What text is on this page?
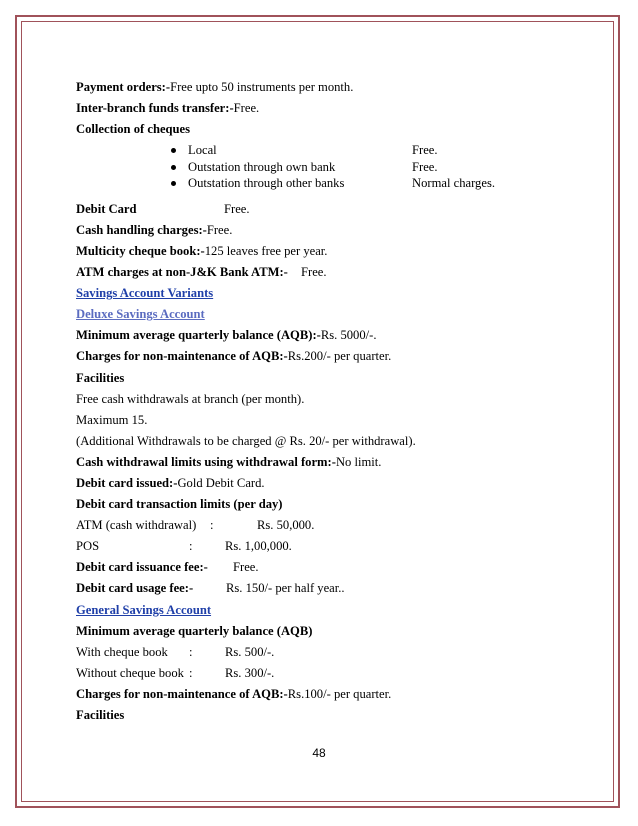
Payment orders:-Free upto 50 instruments per month.
Inter-branch funds transfer:-Free.
Collection of cheques
Local	Free.
Outstation through own bank	Free.
Outstation through other banks	Normal charges.
Debit Card	Free.
Cash handling charges:-Free.
Multicity cheque book:-125 leaves free per year.
ATM charges at non-J&K Bank ATM:- Free.
Savings Account Variants
Deluxe Savings Account
Minimum average quarterly balance (AQB):-Rs. 5000/-.
Charges for non-maintenance of AQB:-Rs.200/- per quarter.
Facilities
Free cash withdrawals at branch (per month).
Maximum 15.
(Additional Withdrawals to be charged @ Rs. 20/- per withdrawal).
Cash withdrawal limits using withdrawal form:-No limit.
Debit card issued:-Gold Debit Card.
Debit card transaction limits (per day)
ATM (cash withdrawal) :	Rs. 50,000.
POS	:	Rs. 1,00,000.
Debit card issuance fee:- Free.
Debit card usage fee:-	Rs. 150/- per half year..
General Savings Account
Minimum average quarterly balance (AQB)
With cheque book :	Rs. 500/-.
Without cheque book :	Rs. 300/-.
Charges for non-maintenance of AQB:-Rs.100/- per quarter.
Facilities
48
